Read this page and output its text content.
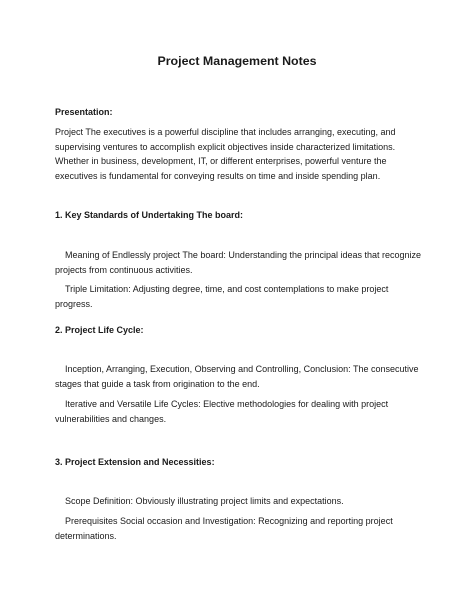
Project Management Notes
Presentation:

Project The executives is a powerful discipline that includes arranging, executing, and supervising ventures to accomplish explicit objectives inside characterized limitations. Whether in business, development, IT, or different enterprises, powerful venture the executives is fundamental for conveying results on time and inside spending plan.

1. Key Standards of Undertaking The board:

Meaning of Endlessly project The board: Understanding the principal ideas that recognize projects from continuous activities.

Triple Limitation: Adjusting degree, time, and cost contemplations to make project progress.

2. Project Life Cycle:

Inception, Arranging, Execution, Observing and Controlling, Conclusion: The consecutive stages that guide a task from origination to the end.

Iterative and Versatile Life Cycles: Elective methodologies for dealing with project vulnerabilities and changes.

3. Project Extension and Necessities:

Scope Definition: Obviously illustrating project limits and expectations.

Prerequisites Social occasion and Investigation: Recognizing and reporting project determinations.
